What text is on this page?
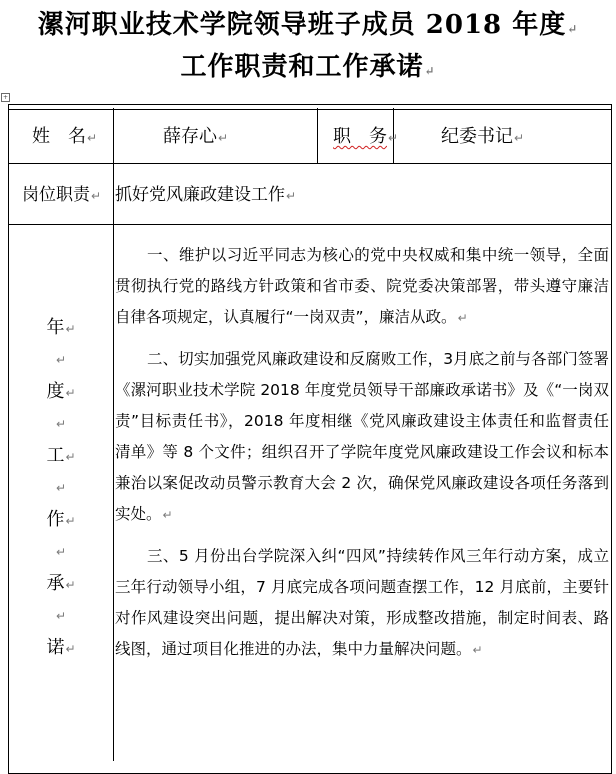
漯河职业技术学院领导班子成员 2018 年度↵
工作职责和工作承诺↵
+
姓　名↵	薛存心↵	职　务↵ 纪委书记↵
岗位职责↵ 抓好党风廉政建设工作↵
年↵
↵
度↵
↵
工↵
↵
作↵
↵
承↵
↵
诺↵

一、维护以习近平同志为核心的党中央权威和集中统一领导，全面贯彻执行党的路线方针政策和省市委、院党委决策部署，带头遵守廉洁自律各项规定，认真履行“一岗双责”，廉洁从政。↵

二、切实加强党风廉政建设和反腐败工作，3月底之前与各部门签署《漯河职业技术学院 2018 年度党员领导干部廉政承诺书》及《“一岗双责”目标责任书》，2018 年度相继《党风廉政建设主体责任和监督责任清单》等 8 个文件；组织召开了学院年度党风廉政建设工作会议和标本兼治以案促改动员警示教育大会 2 次，确保党风廉政建设各项任务落到实处。↵

三、5 月份出台学院深入纠“四风”持续转作风三年行动方案，成立三年行动领导小组，7 月底完成各项问题查摆工作，12 月底前，主要针对作风建设突出问题，提出解决对策，形成整改措施，制定时间表、路线图，通过项目化推进的办法，集中力量解决问题。↵
